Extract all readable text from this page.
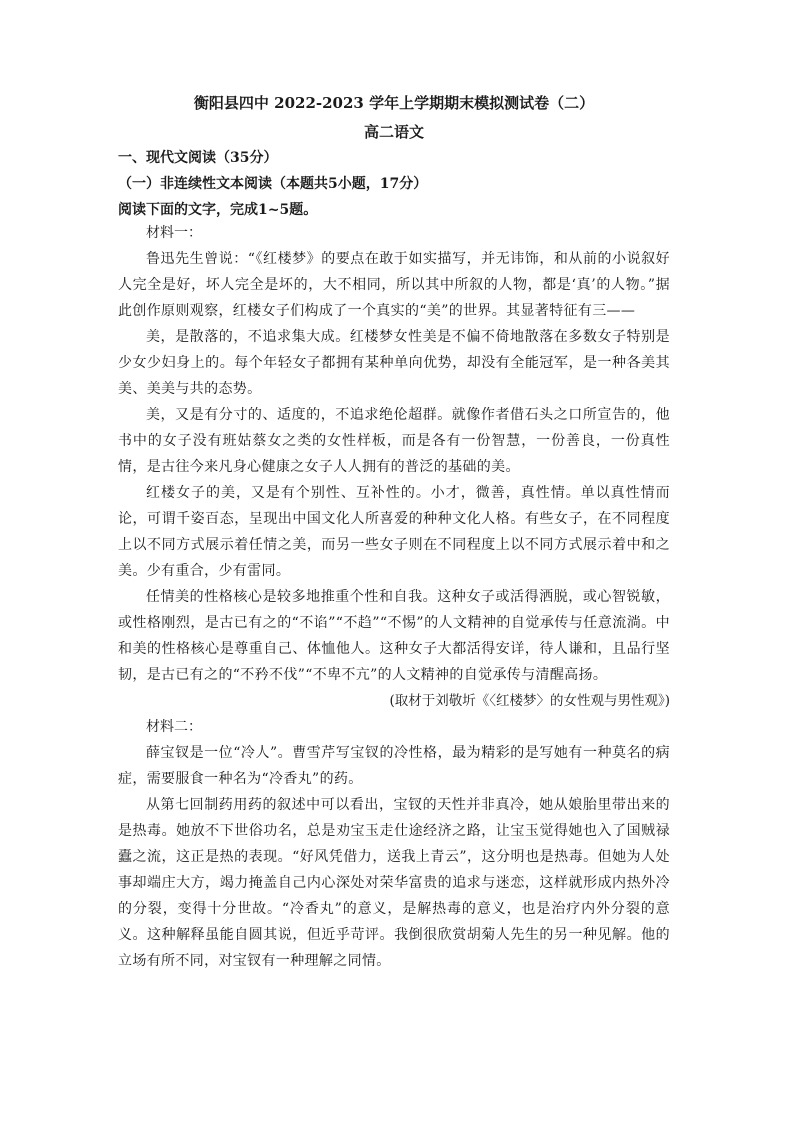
衡阳县四中 2022-2023 学年上学期期末模拟测试卷（二）
高二语文
一、现代文阅读（35分）
（一）非连续性文本阅读（本题共5小题，17分）
阅读下面的文字，完成1~5题。

材料一：

鲁迅先生曾说：“《红楼梦》的要点在敢于如实描写，并无讳饰，和从前的小说叙好人完全是好，坏人完全是坏的，大不相同，所以其中所叙的人物，都是‘真’的人物。”据此创作原则观察，红楼女子们构成了一个真实的“美”的世界。其显著特征有三——

美，是散落的，不追求集大成。红楼梦女性美是不偏不倚地散落在多数女子特别是少女少妇身上的。每个年轻女子都拥有某种单向优势，却没有全能冠军，是一种各美其美、美美与共的态势。

美，又是有分寸的、适度的，不追求绝伦超群。就像作者借石头之口所宣告的，他书中的女子没有班姑蔡女之类的女性样板，而是各有一份智慧，一份善良，一份真性情，是古往今来凡身心健康之女子人人拥有的普泛的基础的美。

红楼女子的美，又是有个别性、互补性的。小才，微善，真性情。单以真性情而论，可谓千姿百态，呈现出中国文化人所喜爱的种种文化人格。有些女子，在不同程度上以不同方式展示着任情之美，而另一些女子则在不同程度上以不同方式展示着中和之美。少有重合，少有雷同。

任情美的性格核心是较多地推重个性和自我。这种女子或活得洒脱，或心智锐敏，或性格刚烈，是古已有之的“不谄”“不趋”“不惕”的人文精神的自觉承传与任意流淌。中和美的性格核心是尊重自己、体恤他人。这种女子大都活得安详，待人谦和，且品行坚韧，是古已有之的“不矜不伐”“不卑不亢”的人文精神的自觉承传与清醒高扬。

(取材于刘敬圻《〈红楼梦〉的女性观与男性观》)

材料二：

薛宝钗是一位“冷人”。曹雪芹写宝钗的冷性格，最为精彩的是写她有一种莫名的病症，需要服食一种名为“冷香丸”的药。

从第七回制药用药的叙述中可以看出，宝钗的天性并非真冷，她从娘胎里带出来的是热毒。她放不下世俗功名，总是劝宝玉走仕途经济之路，让宝玉觉得她也入了国贼禄蠹之流，这正是热的表现。“好风凭借力，送我上青云”，这分明也是热毒。但她为人处事却端庄大方，竭力掩盖自己内心深处对荣华富贵的追求与迷恋，这样就形成内热外冷的分裂，变得十分世故。“冷香丸”的意义，是解热毒的意义，也是治疗内外分裂的意义。这种解释虽能自圆其说，但近乎苛评。我倒很欣赏胡菊人先生的另一种见解。他的立场有所不同，对宝钗有一种理解之同情。
